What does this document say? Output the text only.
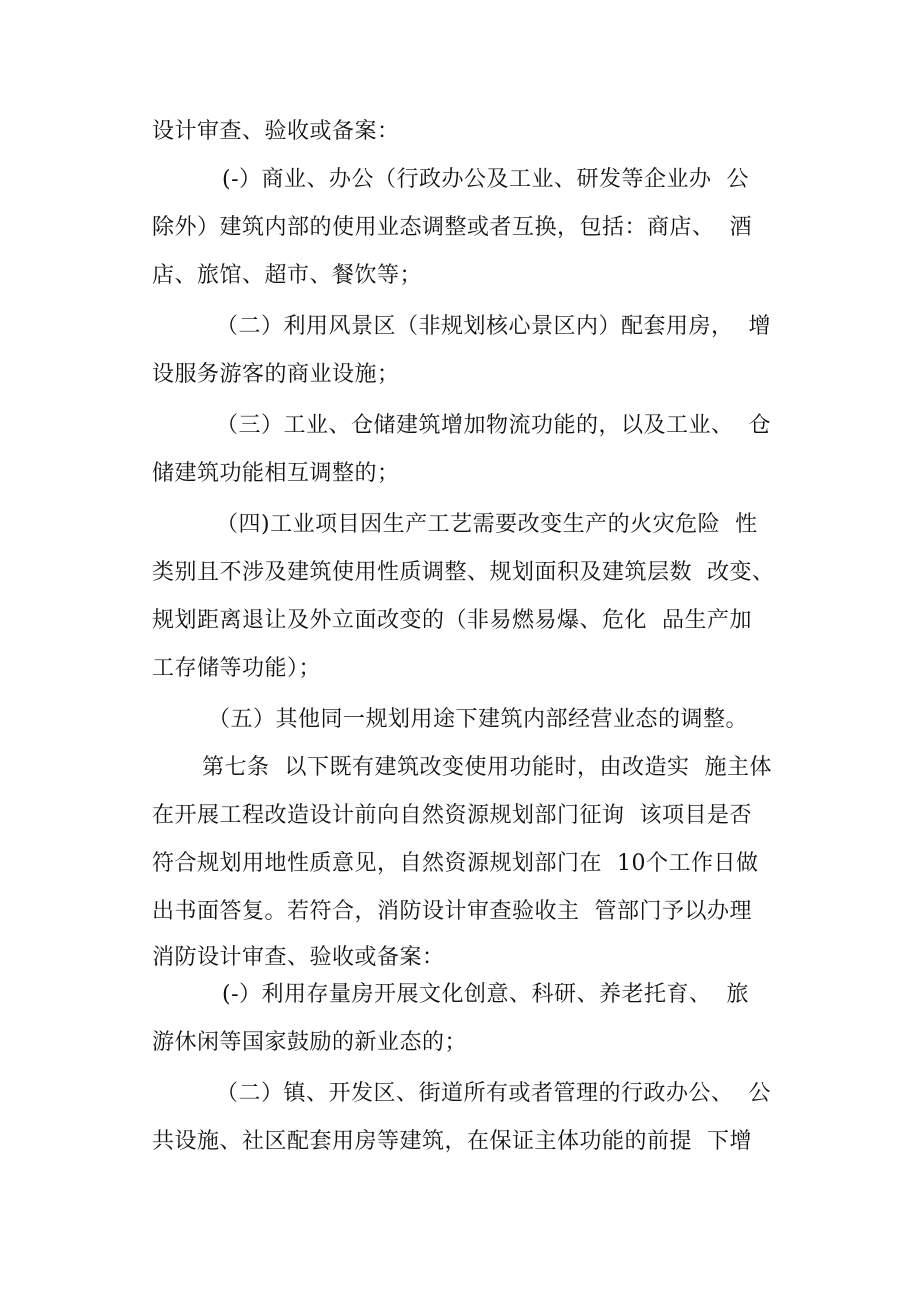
设计审查、验收或备案：
(-）商业、办公（行政办公及工业、研发等企业办  公
除外）建筑内部的使用业态调整或者互换，包括：商店、  酒
店、旅馆、超市、餐饮等；
（二）利用风景区（非规划核心景区内）配套用房，  增
设服务游客的商业设施；
（三）工业、仓储建筑增加物流功能的，以及工业、  仓
储建筑功能相互调整的；
（四)工业项目因生产工艺需要改变生产的火灾危险  性
类别且不涉及建筑使用性质调整、规划面积及建筑层数  改变、
规划距离退让及外立面改变的（非易燃易爆、危化  品生产加
工存储等功能）；
（五）其他同一规划用途下建筑内部经营业态的调整。
第七条  以下既有建筑改变使用功能时，由改造实  施主体
在开展工程改造设计前向自然资源规划部门征询  该项目是否
符合规划用地性质意见，自然资源规划部门在  10个工作日做
出书面答复。若符合，消防设计审查验收主  管部门予以办理
消防设计审查、验收或备案：
(-）利用存量房开展文化创意、科研、养老托育、  旅
游休闲等国家鼓励的新业态的；
（二）镇、开发区、街道所有或者管理的行政办公、  公
共设施、社区配套用房等建筑，在保证主体功能的前提  下增
